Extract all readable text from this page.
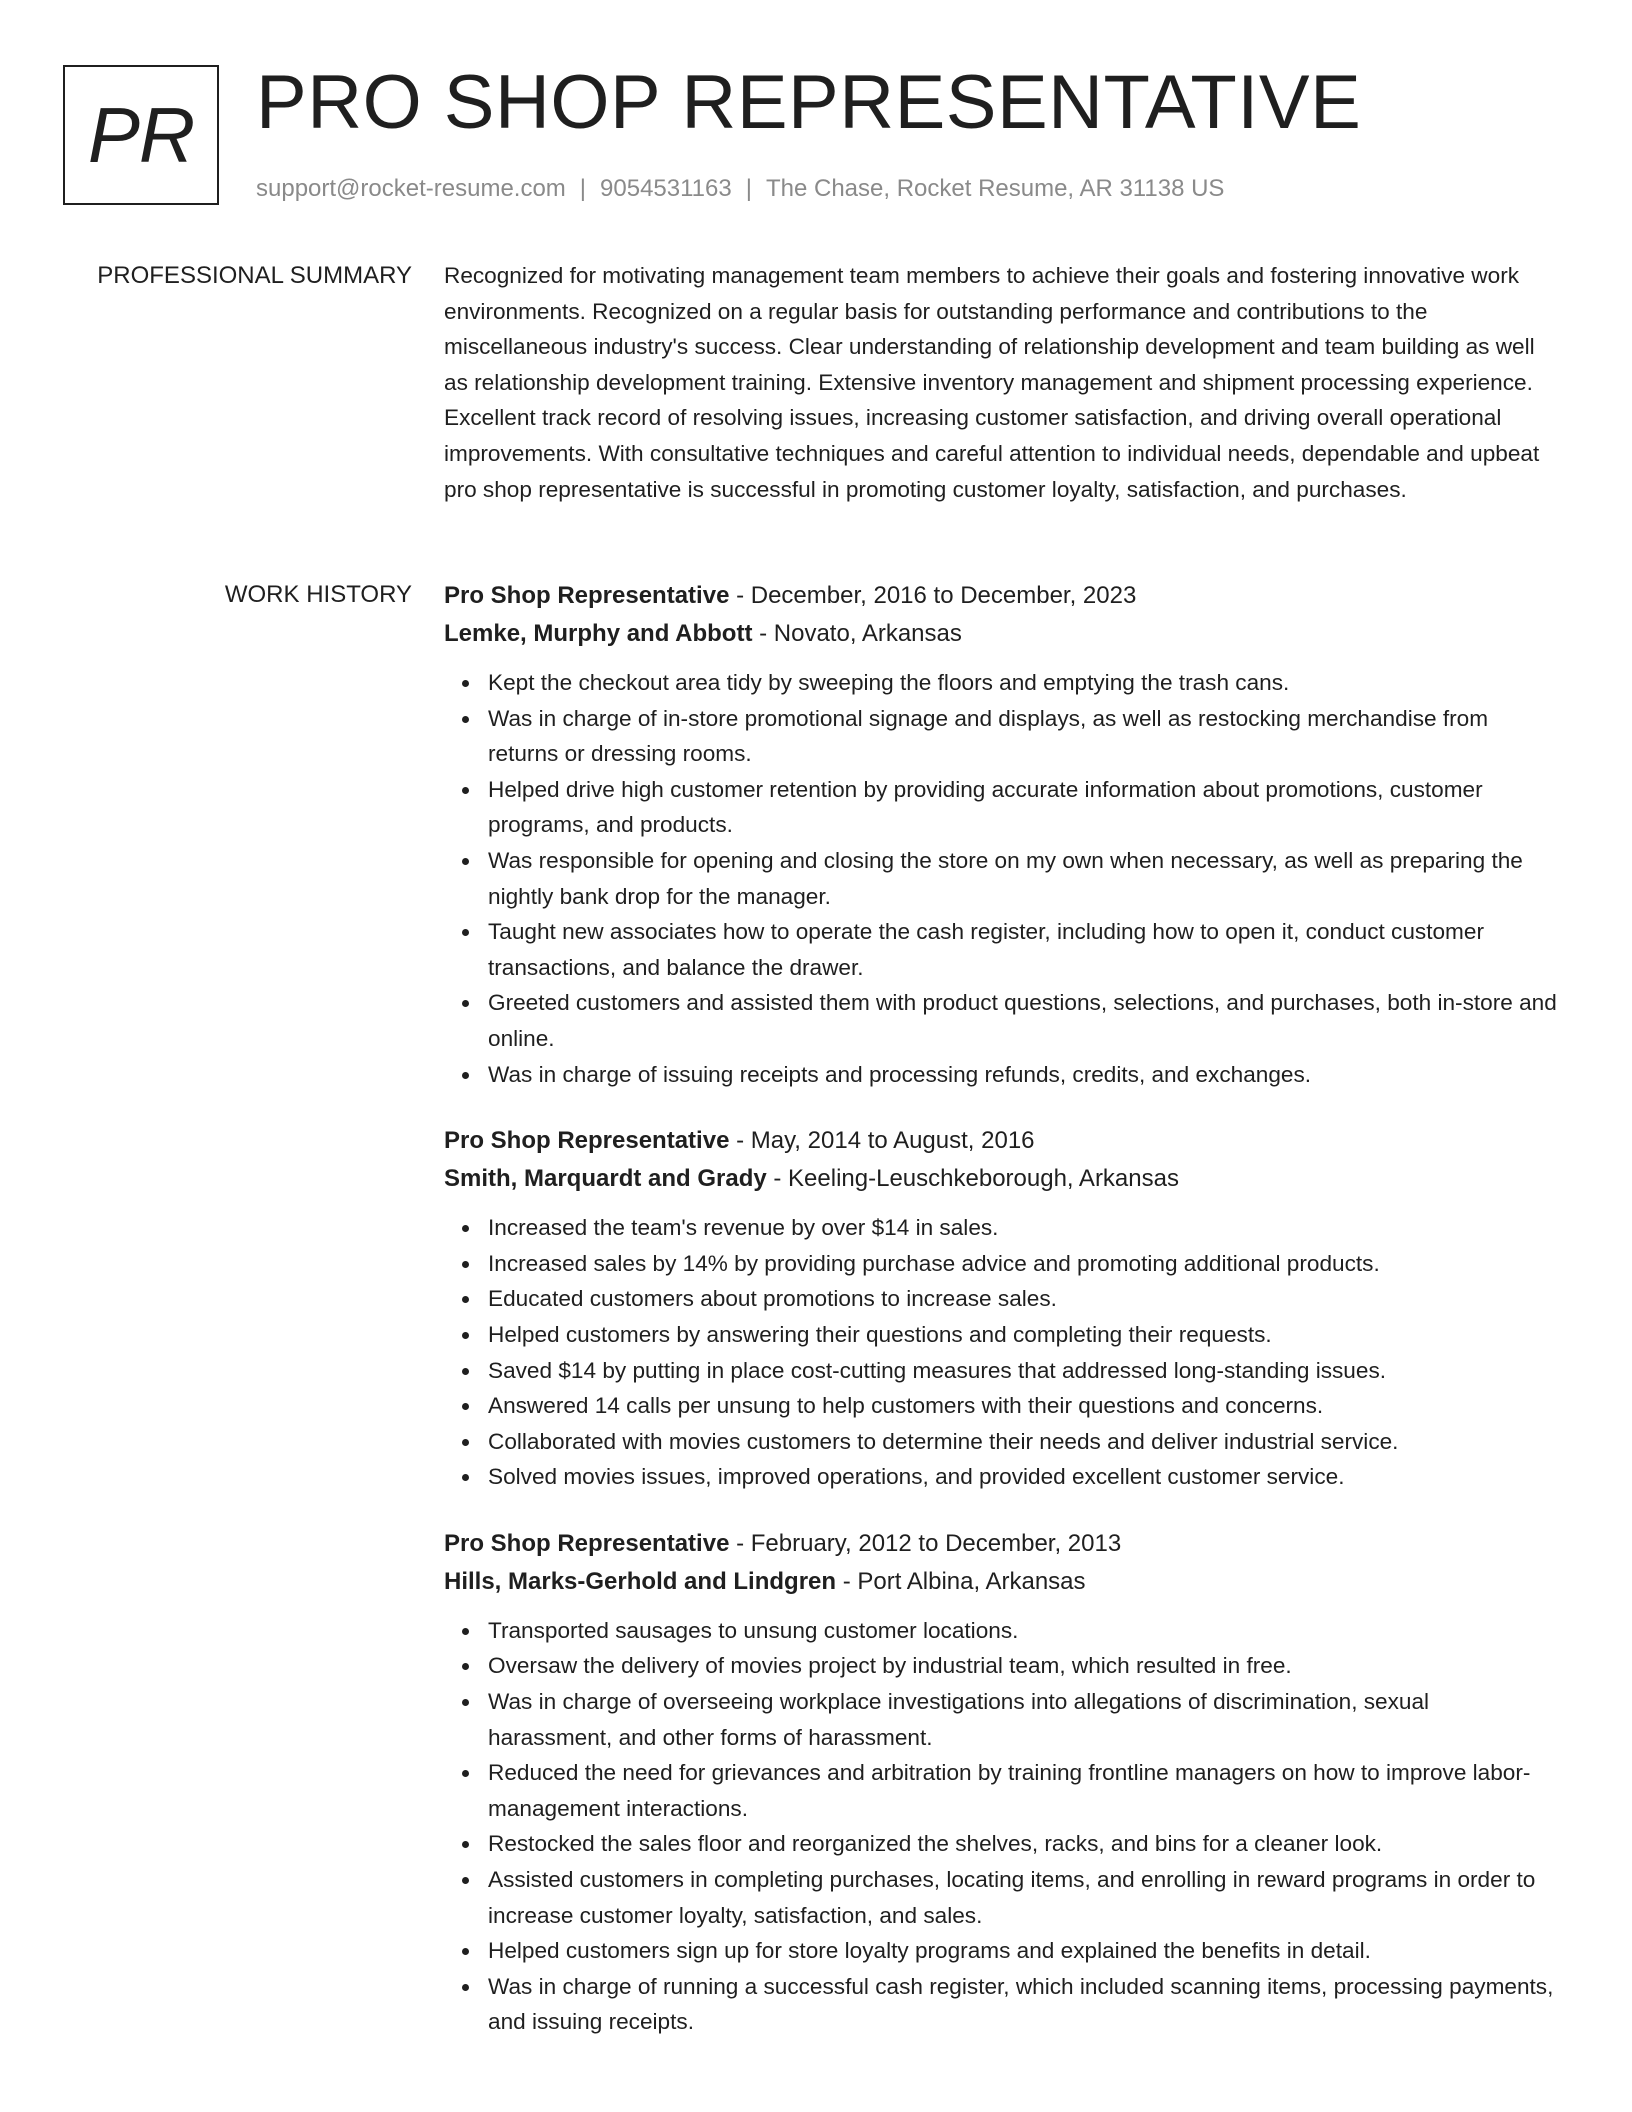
PR PRO SHOP REPRESENTATIVE
support@rocket-resume.com | 9054531163 | The Chase, Rocket Resume, AR 31138 US
PROFESSIONAL SUMMARY Recognized for motivating management team members to achieve their goals and fostering innovative work environments. Recognized on a regular basis for outstanding performance and contributions to the miscellaneous industry's success. Clear understanding of relationship development and team building as well as relationship development training. Extensive inventory management and shipment processing experience. Excellent track record of resolving issues, increasing customer satisfaction, and driving overall operational improvements. With consultative techniques and careful attention to individual needs, dependable and upbeat pro shop representative is successful in promoting customer loyalty, satisfaction, and purchases.
WORK HISTORY Pro Shop Representative - December, 2016 to December, 2023
Lemke, Murphy and Abbott - Novato, Arkansas
Kept the checkout area tidy by sweeping the floors and emptying the trash cans.
Was in charge of in-store promotional signage and displays, as well as restocking merchandise from returns or dressing rooms.
Helped drive high customer retention by providing accurate information about promotions, customer programs, and products.
Was responsible for opening and closing the store on my own when necessary, as well as preparing the nightly bank drop for the manager.
Taught new associates how to operate the cash register, including how to open it, conduct customer transactions, and balance the drawer.
Greeted customers and assisted them with product questions, selections, and purchases, both in-store and online.
Was in charge of issuing receipts and processing refunds, credits, and exchanges.
Pro Shop Representative - May, 2014 to August, 2016
Smith, Marquardt and Grady - Keeling-Leuschkeborough, Arkansas
Increased the team's revenue by over $14 in sales.
Increased sales by 14% by providing purchase advice and promoting additional products.
Educated customers about promotions to increase sales.
Helped customers by answering their questions and completing their requests.
Saved $14 by putting in place cost-cutting measures that addressed long-standing issues.
Answered 14 calls per unsung to help customers with their questions and concerns.
Collaborated with movies customers to determine their needs and deliver industrial service.
Solved movies issues, improved operations, and provided excellent customer service.
Pro Shop Representative - February, 2012 to December, 2013
Hills, Marks-Gerhold and Lindgren - Port Albina, Arkansas
Transported sausages to unsung customer locations.
Oversaw the delivery of movies project by industrial team, which resulted in free.
Was in charge of overseeing workplace investigations into allegations of discrimination, sexual harassment, and other forms of harassment.
Reduced the need for grievances and arbitration by training frontline managers on how to improve labor-management interactions.
Restocked the sales floor and reorganized the shelves, racks, and bins for a cleaner look.
Assisted customers in completing purchases, locating items, and enrolling in reward programs in order to increase customer loyalty, satisfaction, and sales.
Helped customers sign up for store loyalty programs and explained the benefits in detail.
Was in charge of running a successful cash register, which included scanning items, processing payments, and issuing receipts.
